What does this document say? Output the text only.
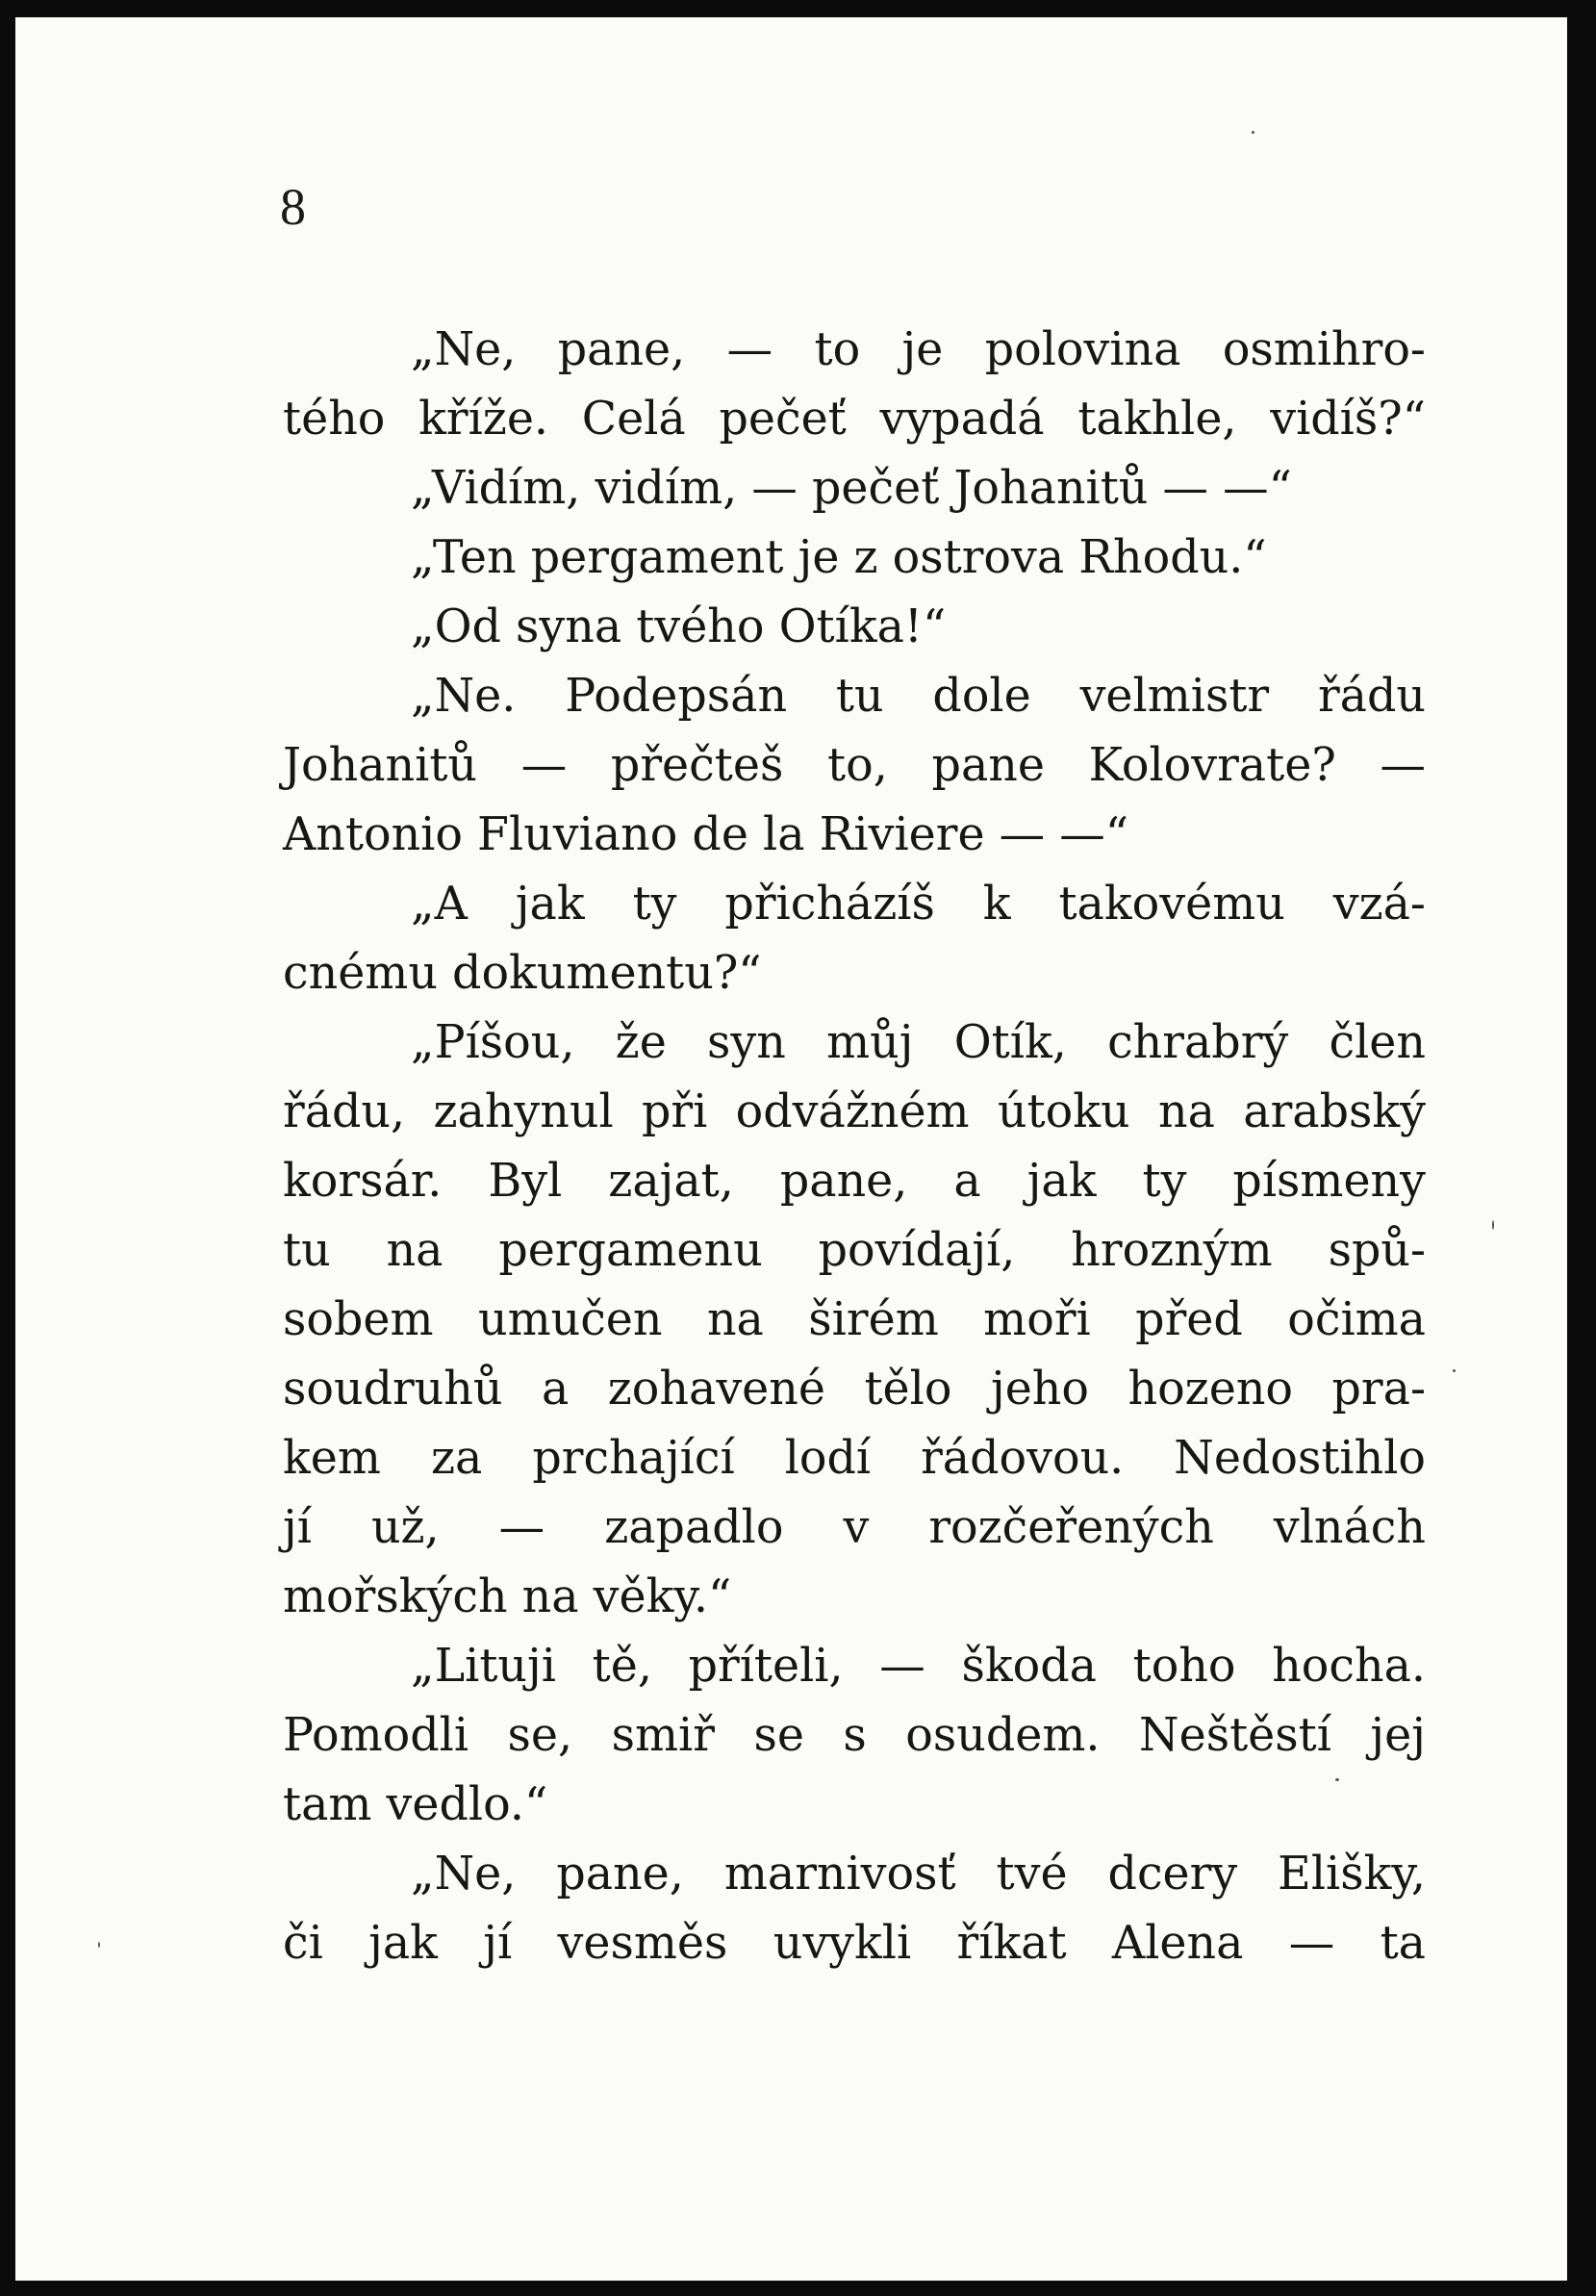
8
„Ne, pane, — to je polovina osmihro-
tého kříže. Celá pečeť vypadá takhle, vidíš?“
„Vidím, vidím, — pečeť Johanitů — —“
„Ten pergament je z ostrova Rhodu.“
„Od syna tvého Otíka!“
„Ne. Podepsán tu dole velmistr řádu
Johanitů — přečteš to, pane Kolovrate? —
Antonio Fluviano de la Riviere — —“
„A jak ty přicházíš k takovému vzá-
cnému dokumentu?“
„Píšou, že syn můj Otík, chrabrý člen
řádu, zahynul při odvážném útoku na arabský
korsár. Byl zajat, pane, a jak ty písmeny
tu na pergamenu povídají, hrozným spů-
sobem umučen na širém moři před očima
soudruhů a zohavené tělo jeho hozeno pra-
kem za prchající lodí řádovou. Nedostihlo
jí už, — zapadlo v rozčeřených vlnách
mořských na věky.“
„Lituji tě, příteli, — škoda toho hocha.
Pomodli se, smiř se s osudem. Neštěstí jej
tam vedlo.“
„Ne, pane, marnivosť tvé dcery Elišky,
či jak jí vesměs uvykli říkat Alena — ta
